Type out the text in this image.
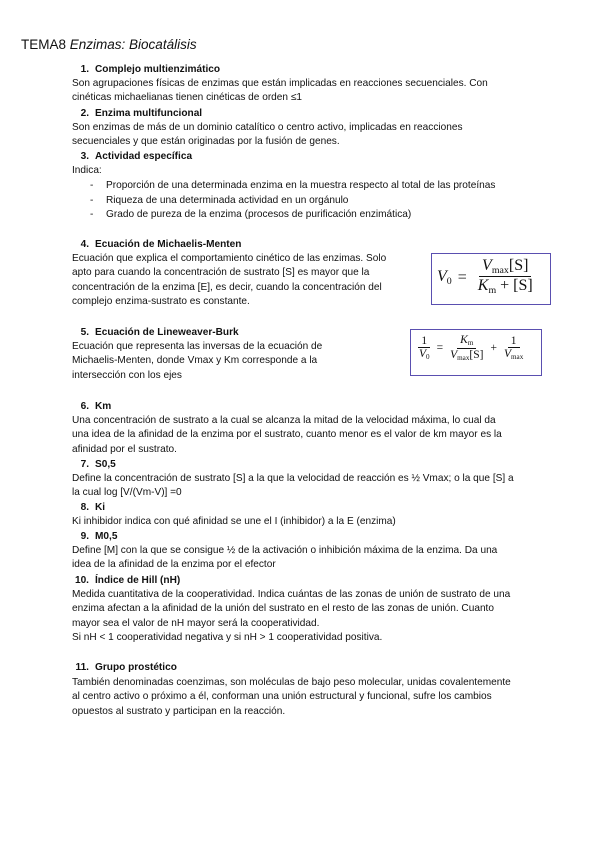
TEMA8 Enzimas: Biocatálisis
1. Complejo multienzimático
Son agrupaciones físicas de enzimas que están implicadas en reacciones secuenciales. Con
cinéticas michaelianas tienen cinéticas de orden ≤1
2. Enzima multifuncional
Son enzimas de más de un dominio catalítico o centro activo, implicadas en reacciones
secuenciales y que están originadas por la fusión de genes.
3. Actividad específica
Indica:
- Proporción de una determinada enzima en la muestra respecto al total de las proteínas
- Riqueza de una determinada actividad en un orgánulo
- Grado de pureza de la enzima (procesos de purificación enzimática)
4. Ecuación de Michaelis-Menten
Ecuación que explica el comportamiento cinético de las enzimas. Solo
apto para cuando la concentración de sustrato [S] es mayor que la
concentración de la enzima [E], es decir, cuando la concentración del
complejo enzima-sustrato es constante.
$V_0 = \frac{V_{max}[S]}{K_m + [S]}$
5. Ecuación de Lineweaver-Burk
Ecuación que representa las inversas de la ecuación de
Michaelis-Menten, donde Vmax y Km corresponde a la
intersección con los ejes
$\frac{1}{V_0} = \frac{K_m}{V_{max}[S]} + \frac{1}{V_{max}}$
6. Km
Una concentración de sustrato a la cual se alcanza la mitad de la velocidad máxima, lo cual da
una idea de la afinidad de la enzima por el sustrato, cuanto menor es el valor de km mayor es la
afinidad por el sustrato.
7. S0,5
Define la concentración de sustrato [S] a la que la velocidad de reacción es ½ Vmax; o la que [S] a
la cual log [V/(Vm-V)] =0
8. Ki
Ki inhibidor indica con qué afinidad se une el I (inhibidor) a la E (enzima)
9. M0,5
Define [M] con la que se consigue ½ de la activación o inhibición máxima de la enzima. Da una
idea de la afinidad de la enzima por el efector
10. Índice de Hill (nH)
Medida cuantitativa de la cooperatividad. Indica cuántas de las zonas de unión de sustrato de una
enzima afectan a la afinidad de la unión del sustrato en el resto de las zonas de unión. Cuanto
mayor sea el valor de nH mayor será la cooperatividad.
Si nH < 1 cooperatividad negativa y si nH > 1 cooperatividad positiva.
11. Grupo prostético
También denominadas coenzimas, son moléculas de bajo peso molecular, unidas covalentemente
al centro activo o próximo a él, conforman una unión estructural y funcional, sufre los cambios
opuestos al sustrato y participan en la reacción.
